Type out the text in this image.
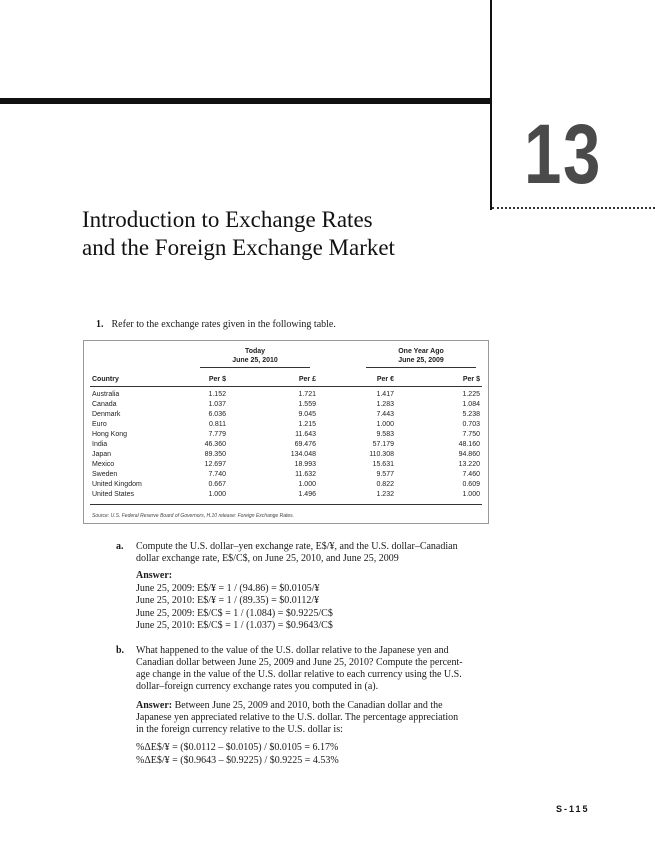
13
Introduction to Exchange Rates
and the Foreign Exchange Market
1. Refer to the exchange rates given in the following table.
Today
June 25, 2010
One Year Ago
June 25, 2009
Country	Per $	Per £	Per €	Per $
Australia	1.152	1.721	1.417	1.225
Canada	1.037	1.559	1.283	1.084
Denmark	6.036	9.045	7.443	5.238
Euro	0.811	1.215	1.000	0.703
Hong Kong	7.779	11.643	9.583	7.750
India	46.360	69.476	57.179	48.160
Japan	89.350	134.048	110.308	94.860
Mexico	12.697	18.993	15.631	13.220
Sweden	7.740	11.632	9.577	7.460
United Kingdom	0.667	1.000	0.822	0.609
United States	1.000	1.496	1.232	1.000
Source: U.S. Federal Reserve Board of Governors, H.10 release: Foreign Exchange Rates.
a. Compute the U.S. dollar–yen exchange rate, E$/¥, and the U.S. dollar–Canadian
dollar exchange rate, E$/C$, on June 25, 2010, and June 25, 2009
Answer:
June 25, 2009: E$/¥ = 1 / (94.86) = $0.0105/¥
June 25, 2010: E$/¥ = 1 / (89.35) = $0.0112/¥
June 25, 2009: E$/C$ = 1 / (1.084) = $0.9225/C$
June 25, 2010: E$/C$ = 1 / (1.037) = $0.9643/C$
b. What happened to the value of the U.S. dollar relative to the Japanese yen and
Canadian dollar between June 25, 2009 and June 25, 2010? Compute the percent-
age change in the value of the U.S. dollar relative to each currency using the U.S.
dollar–foreign currency exchange rates you computed in (a).
Answer: Between June 25, 2009 and 2010, both the Canadian dollar and the
Japanese yen appreciated relative to the U.S. dollar. The percentage appreciation
in the foreign currency relative to the U.S. dollar is:
%ΔE$/¥ = ($0.0112 – $0.0105) / $0.0105 = 6.17%
%ΔE$/¥ = ($0.9643 – $0.9225) / $0.9225 = 4.53%
S-115
